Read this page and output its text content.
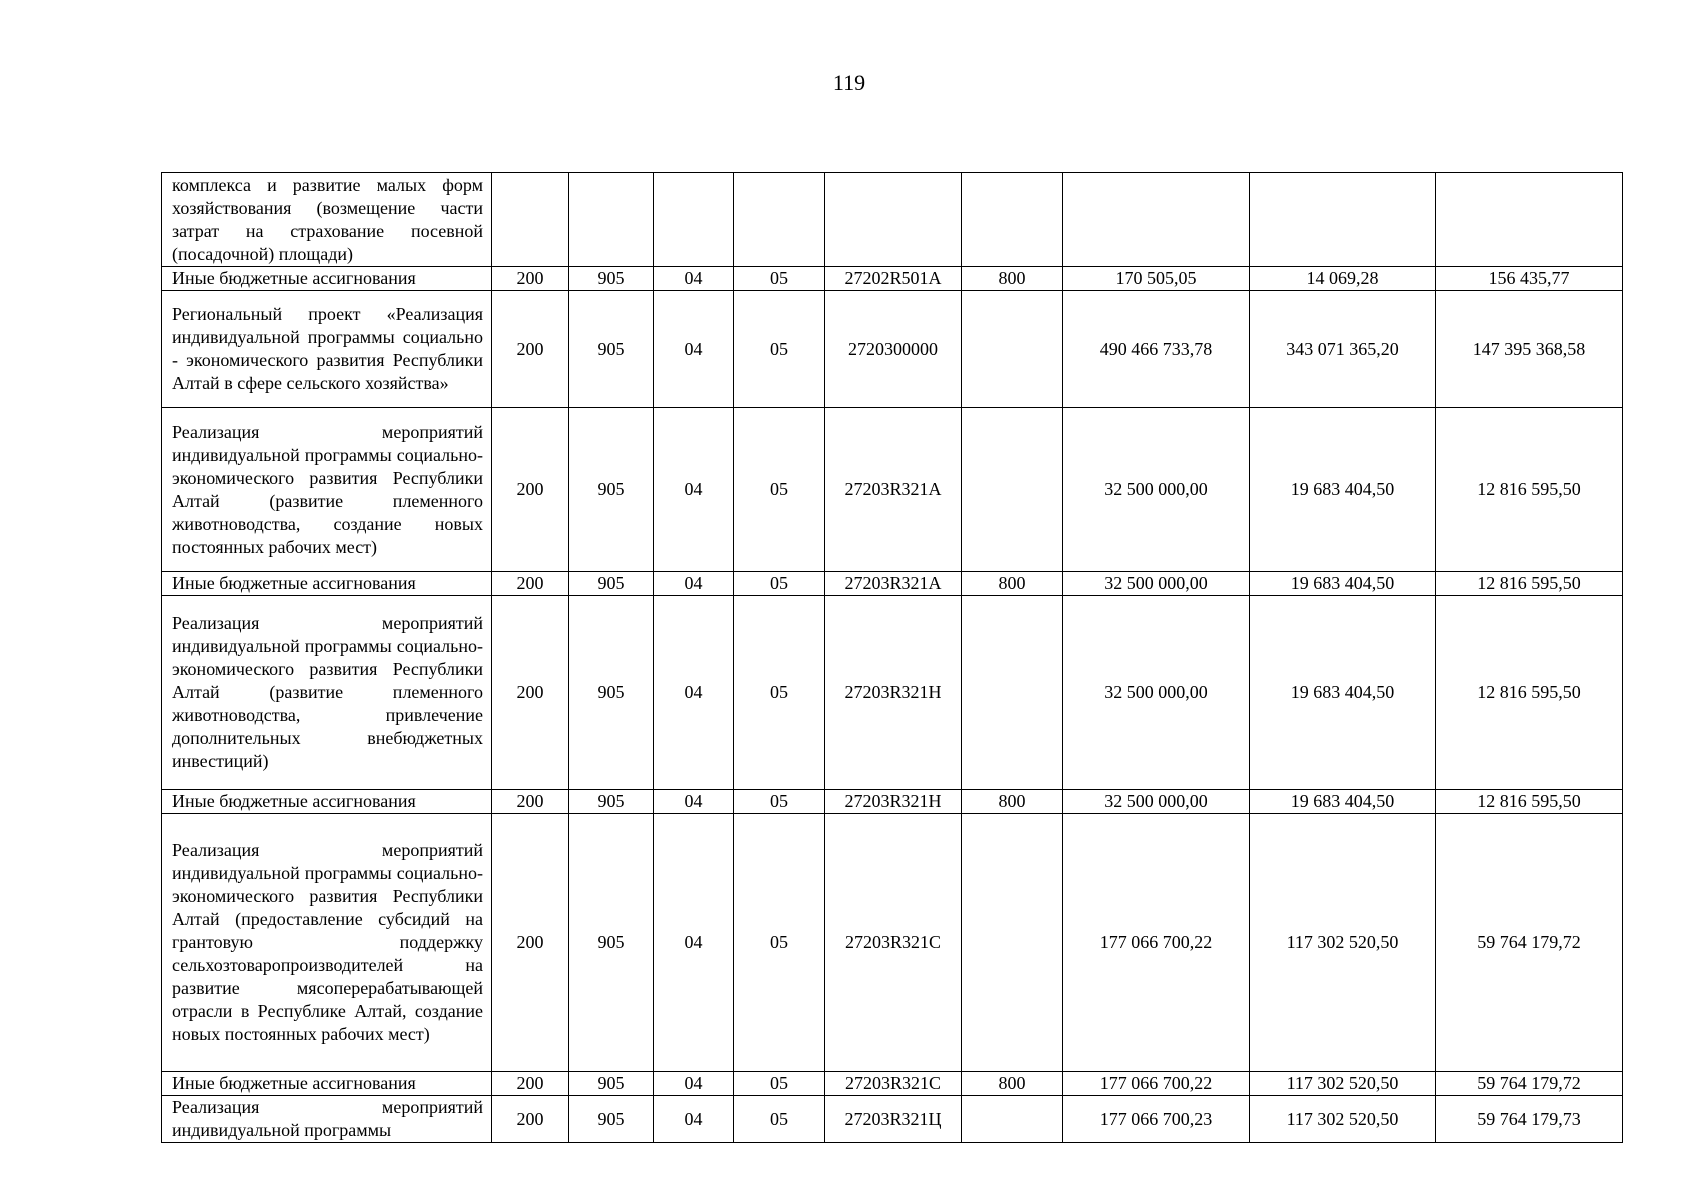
119
комплекса и развитие малых форм хозяйствования (возмещение части затрат на страхование посевной (посадочной) площади)									

Иные бюджетные ассигнования	200	905	04	05	27202R501A	800	170 505,05	14 069,28	156 435,77

Региональный проект «Реализация индивидуальной программы социально - экономического развития Республики Алтай в сфере сельского хозяйства»	200	905	04	05	2720300000		490 466 733,78	343 071 365,20	147 395 368,58

Реализация мероприятий индивидуальной программы социально-экономического развития Республики Алтай (развитие племенного животноводства, создание новых постоянных рабочих мест)	200	905	04	05	27203R321A		32 500 000,00	19 683 404,50	12 816 595,50

Иные бюджетные ассигнования	200	905	04	05	27203R321A	800	32 500 000,00	19 683 404,50	12 816 595,50

Реализация мероприятий индивидуальной программы социально-экономического развития Республики Алтай (развитие племенного животноводства, привлечение дополнительных внебюджетных инвестиций)	200	905	04	05	27203R321H		32 500 000,00	19 683 404,50	12 816 595,50

Иные бюджетные ассигнования	200	905	04	05	27203R321H	800	32 500 000,00	19 683 404,50	12 816 595,50

Реализация мероприятий индивидуальной программы социально-экономического развития Республики Алтай (предоставление субсидий на грантовую поддержку сельхозтоваропроизводителей на развитие мясоперерабатывающей отрасли в Республике Алтай, создание новых постоянных рабочих мест)	200	905	04	05	27203R321C		177 066 700,22	117 302 520,50	59 764 179,72

Иные бюджетные ассигнования	200	905	04	05	27203R321C	800	177 066 700,22	117 302 520,50	59 764 179,72

Реализация мероприятий индивидуальной программы	200	905	04	05	27203R321Ц		177 066 700,23	117 302 520,50	59 764 179,73
